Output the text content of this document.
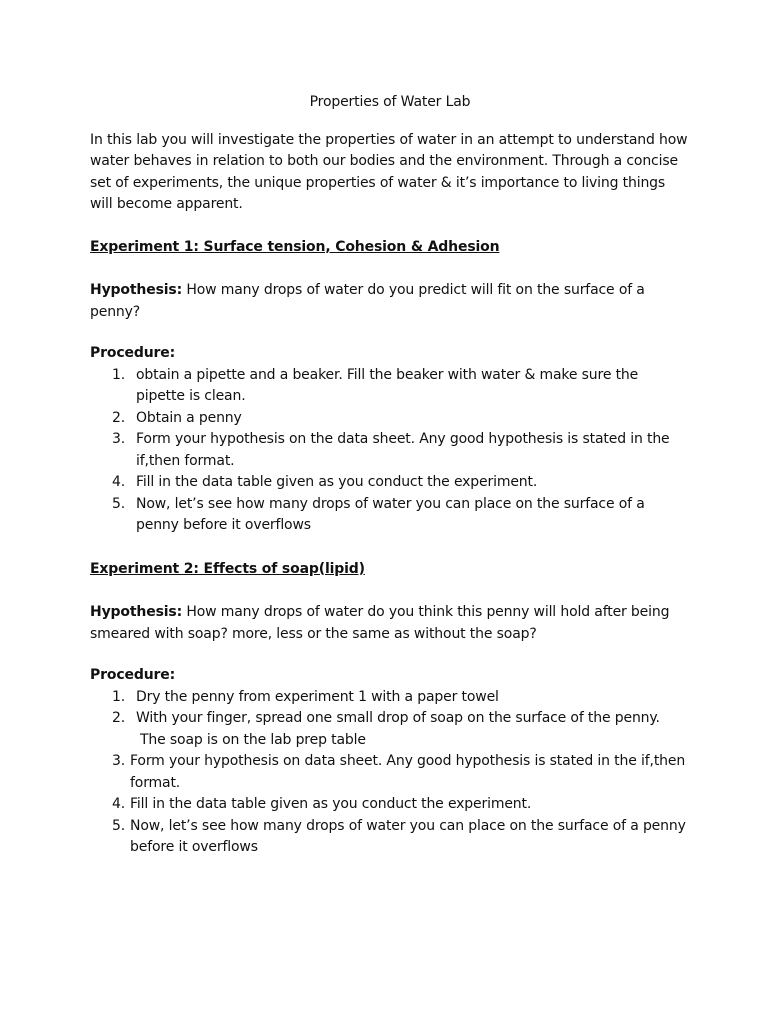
Properties of Water Lab

In this lab you will investigate the properties of water in an attempt to understand how water behaves in relation to both our bodies and the environment. Through a concise set of experiments, the unique properties of water & it’s importance to living things will become apparent.

Experiment 1: Surface tension, Cohesion & Adhesion

Hypothesis: How many drops of water do you predict will fit on the surface of a penny?

Procedure:
1. obtain a pipette and a beaker. Fill the beaker with water & make sure the pipette is clean.
2. Obtain a penny
3. Form your hypothesis on the data sheet. Any good hypothesis is stated in the if,then format.
4. Fill in the data table given as you conduct the experiment.
5. Now, let’s see how many drops of water you can place on the surface of a penny before it overflows

Experiment 2: Effects of soap(lipid)

Hypothesis: How many drops of water do you think this penny will hold after being smeared with soap? more, less or the same as without the soap?

Procedure:
1. Dry the penny from experiment 1 with a paper towel
2. With your finger, spread one small drop of soap on the surface of the penny.
The soap is on the lab prep table
3. Form your hypothesis on data sheet. Any good hypothesis is stated in the if,then format.
4. Fill in the data table given as you conduct the experiment.
5. Now, let’s see how many drops of water you can place on the surface of a penny before it overflows
